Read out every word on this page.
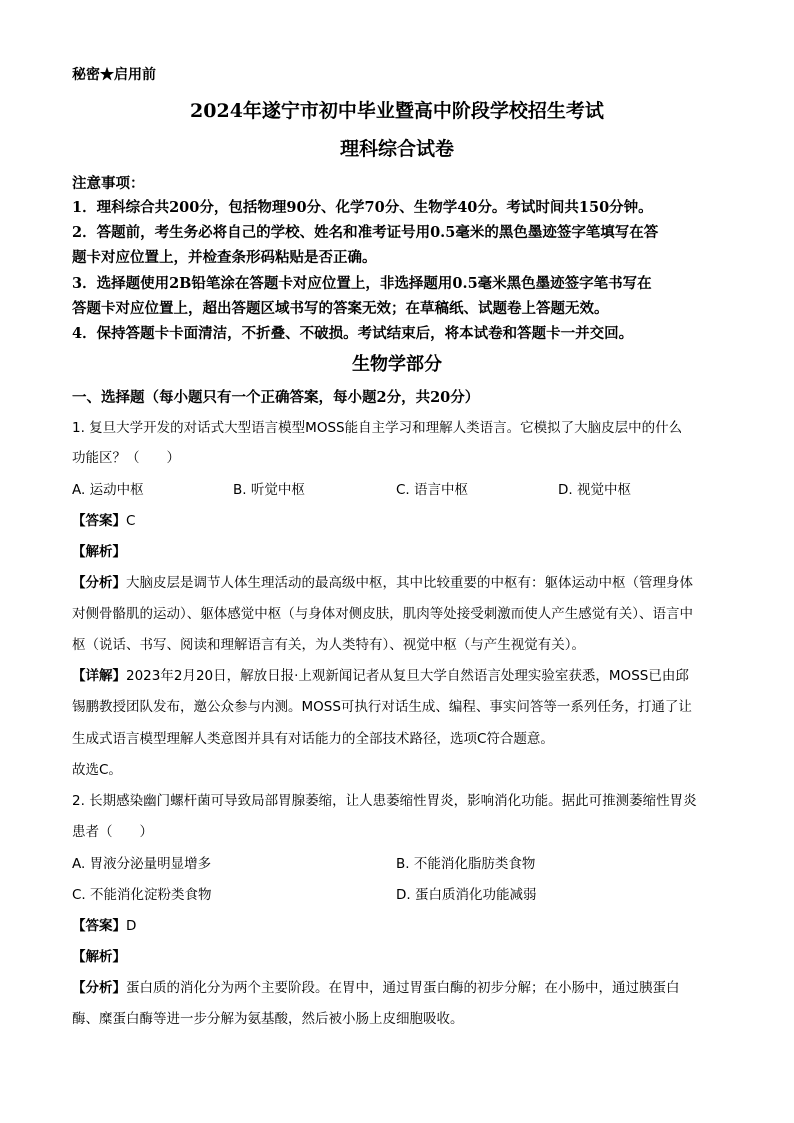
秘密★启用前
2024年遂宁市初中毕业暨高中阶段学校招生考试
理科综合试卷
注意事项：
1．理科综合共200分，包括物理90分、化学70分、生物学40分。考试时间共150分钟。
2．答题前，考生务必将自己的学校、姓名和准考证号用0.5毫米的黑色墨迹签字笔填写在答
题卡对应位置上，并检查条形码粘贴是否正确。
3．选择题使用2B铅笔涂在答题卡对应位置上，非选择题用0.5毫米黑色墨迹签字笔书写在
答题卡对应位置上，超出答题区域书写的答案无效；在草稿纸、试题卷上答题无效。
4．保持答题卡卡面清洁，不折叠、不破损。考试结束后，将本试卷和答题卡一并交回。
生物学部分
一、选择题（每小题只有一个正确答案，每小题2分，共20分）
1. 复旦大学开发的对话式大型语言模型MOSS能自主学习和理解人类语言。它模拟了大脑皮层中的什么
功能区？（　　）
A. 运动中枢	B. 听觉中枢	C. 语言中枢	D. 视觉中枢
【答案】C
【解析】
【分析】大脑皮层是调节人体生理活动的最高级中枢，其中比较重要的中枢有：躯体运动中枢（管理身体
对侧骨骼肌的运动）、躯体感觉中枢（与身体对侧皮肤，肌肉等处接受刺激而使人产生感觉有关）、语言中
枢（说话、书写、阅读和理解语言有关，为人类特有）、视觉中枢（与产生视觉有关）。
【详解】2023年2月20日，解放日报·上观新闻记者从复旦大学自然语言处理实验室获悉，MOSS已由邱
锡鹏教授团队发布，邀公众参与内测。MOSS可执行对话生成、编程、事实问答等一系列任务，打通了让
生成式语言模型理解人类意图并具有对话能力的全部技术路径，选项C符合题意。
故选C。
2. 长期感染幽门螺杆菌可导致局部胃腺萎缩，让人患萎缩性胃炎，影响消化功能。据此可推测萎缩性胃炎
患者（　　）
A. 胃液分泌量明显增多	B. 不能消化脂肪类食物
C. 不能消化淀粉类食物	D. 蛋白质消化功能减弱
【答案】D
【解析】
【分析】蛋白质的消化分为两个主要阶段。在胃中，通过胃蛋白酶的初步分解；在小肠中，通过胰蛋白
酶、糜蛋白酶等进一步分解为氨基酸，然后被小肠上皮细胞吸收。
